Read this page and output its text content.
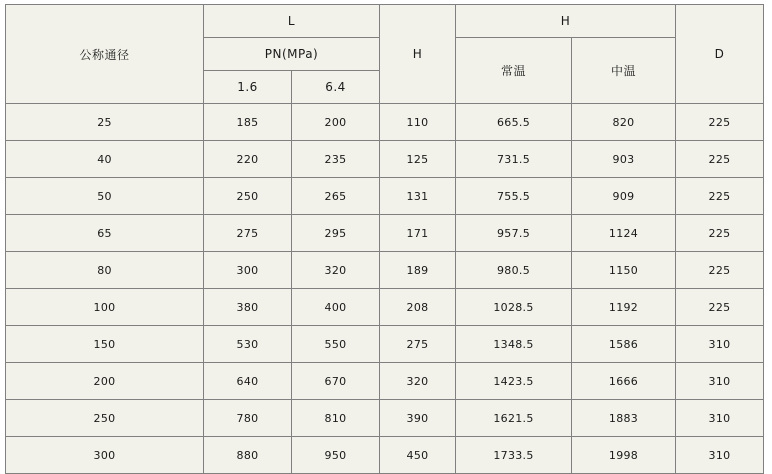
公称通径	L		H	H		D
	PN(MPa)			常温	中温	
	1.6	6.4				
25	185	200	110	665.5	820	225
40	220	235	125	731.5	903	225
50	250	265	131	755.5	909	225
65	275	295	171	957.5	1124	225
80	300	320	189	980.5	1150	225
100	380	400	208	1028.5	1192	225
150	530	550	275	1348.5	1586	310
200	640	670	320	1423.5	1666	310
250	780	810	390	1621.5	1883	310
300	880	950	450	1733.5	1998	310
